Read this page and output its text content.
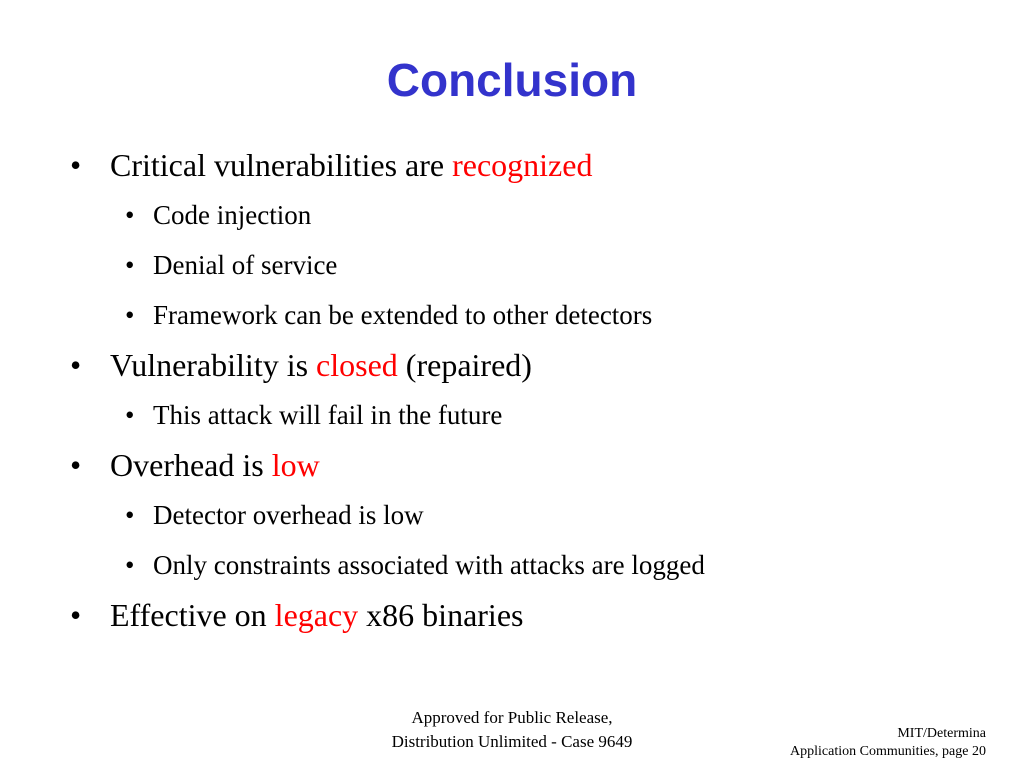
Conclusion
• Critical vulnerabilities are recognized
• Code injection
• Denial of service
• Framework can be extended to other detectors
• Vulnerability is closed (repaired)
• This attack will fail in the future
• Overhead is low
• Detector overhead is low
• Only constraints associated with attacks are logged
• Effective on legacy x86 binaries
Approved for Public Release,
Distribution Unlimited - Case 9649	MIT/Determina
Application Communities, page 20
